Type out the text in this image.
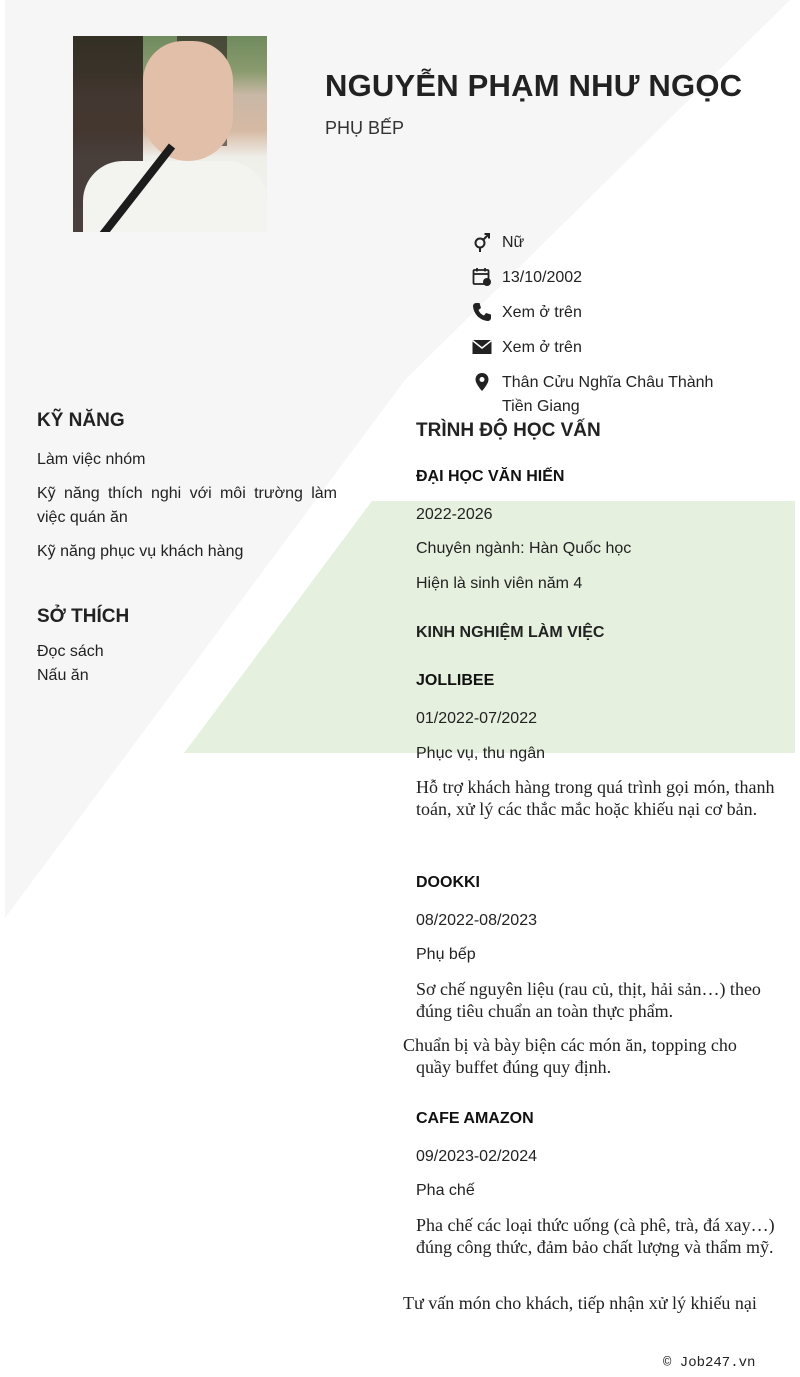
NGUYỄN PHẠM NHƯ NGỌC
PHỤ BẾP
Nữ
13/10/2002
Xem ở trên
Xem ở trên
Thân Cửu Nghĩa Châu Thành
Tiền Giang
KỸ NĂNG
Làm việc nhóm
Kỹ năng thích nghi với môi trường làm việc quán ăn
Kỹ năng phục vụ khách hàng
SỞ THÍCH
Đọc sách
Nấu ăn
TRÌNH ĐỘ HỌC VẤN
ĐẠI HỌC VĂN HIẾN
2022-2026
Chuyên ngành: Hàn Quốc học
Hiện là sinh viên năm 4
KINH NGHIỆM LÀM VIỆC
JOLLIBEE
01/2022-07/2022
Phục vụ, thu ngân
Hỗ trợ khách hàng trong quá trình gọi món, thanh toán, xử lý các thắc mắc hoặc khiếu nại cơ bản.
DOOKKI
08/2022-08/2023
Phụ bếp
Sơ chế nguyên liệu (rau củ, thịt, hải sản…) theo đúng tiêu chuẩn an toàn thực phẩm.
Chuẩn bị và bày biện các món ăn, topping cho quầy buffet đúng quy định.
CAFE AMAZON
09/2023-02/2024
Pha chế
Pha chế các loại thức uống (cà phê, trà, đá xay…) đúng công thức, đảm bảo chất lượng và thẩm mỹ.
Tư vấn món cho khách, tiếp nhận xử lý khiếu nại
© Job247.vn
